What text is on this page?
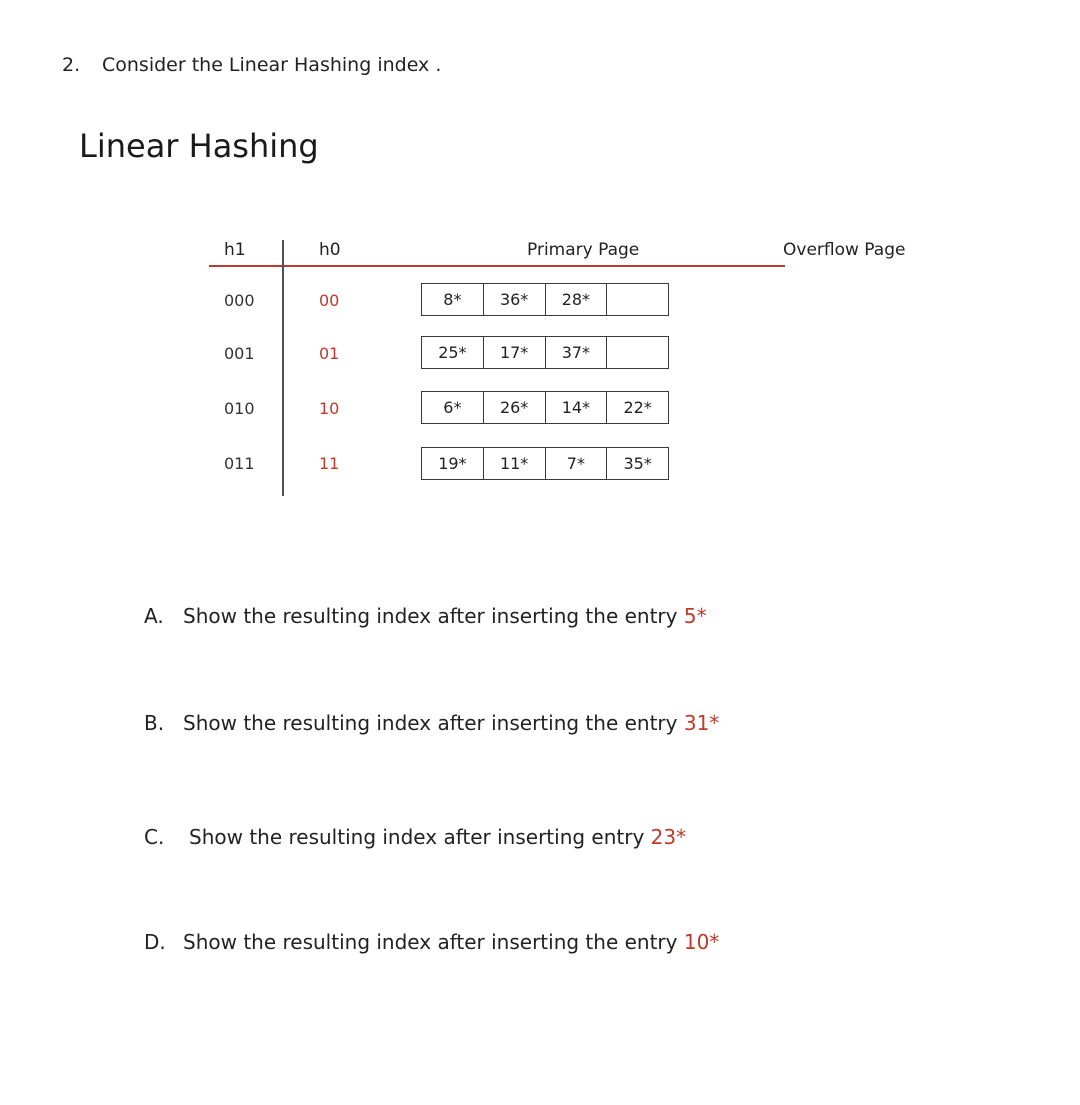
2. Consider the Linear Hashing index .
Linear Hashing
h1	h0	Primary Page	Overflow Page
000	00	8*	36*	28*
001	01	25*	17*	37*
010	10	6*	26*	14*	22*
011	11	19*	11*	7*	35*
A. Show the resulting index after inserting the entry 5*
B. Show the resulting index after inserting the entry 31*
C. Show the resulting index after inserting entry 23*
D. Show the resulting index after inserting the entry 10*
